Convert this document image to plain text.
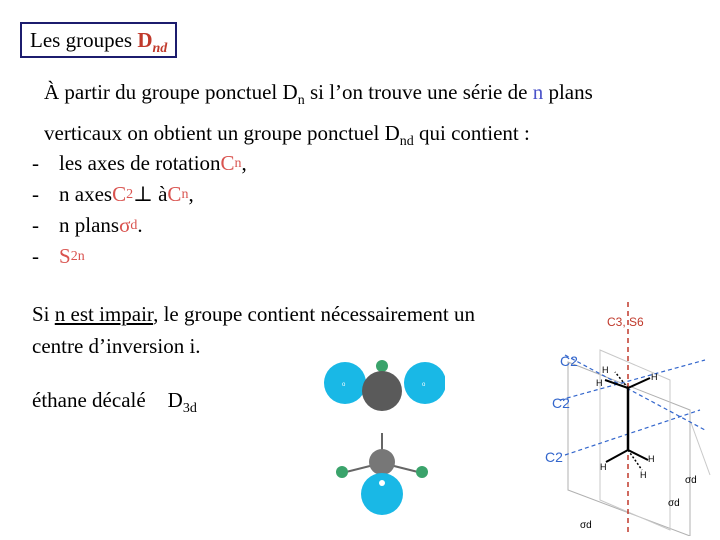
Les groupes $D_{nd}$
À partir du groupe ponctuel $D_n$ si l’on trouve une série de n plans
verticaux on obtient un groupe ponctuel $D_{nd}$ qui contient :
- les axes de rotation C n ,
- n axes C 2 ⊥ à C n ,
- n plans σ d .
- S 2n
Si n est impair, le groupe contient nécessairement un
centre d’inversion i.
éthane décalé $D_{3d}$
o	o
C3, S6
C2
C2
C2
H
H
H
H
H
H	σd
σd
σd
